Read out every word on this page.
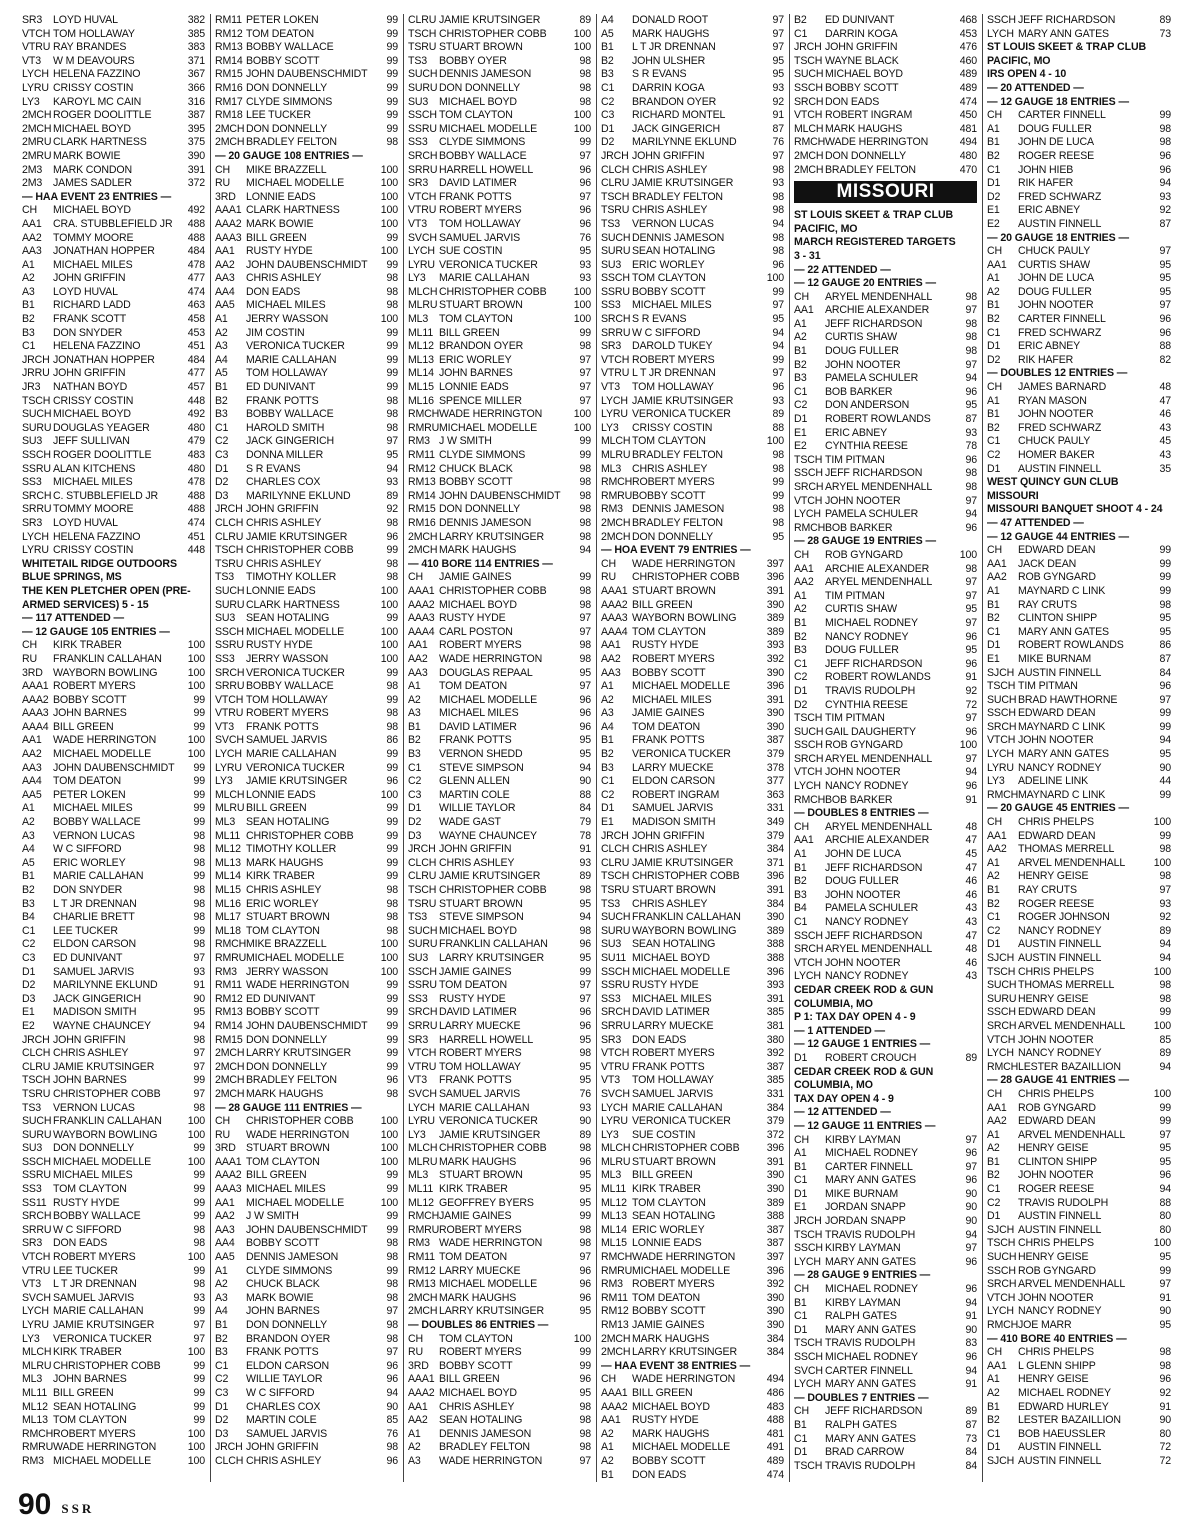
SR3	LOYD HUVAL	382
VTCH TOM HOLLAWAY	385
VTRU RAY BRANDES	383
VT3	W M DEAVOURS	371
LYCH HELENA FAZZINO	367
LYRU CRISSY COSTIN	366
LY3	KAROYL MC CAIN	316
2MCH ROGER DOOLITTLE	387
2MCH MICHAEL BOYD	395
2MRU CLARK HARTNESS	375
2MRU MARK BOWIE	390
2M3	MARK CONDON	391
2M3	JAMES SADLER	372
— HAA EVENT 23 ENTRIES —
CH	MICHAEL BOYD	492
AA1	CRA. STUBBLEFIELD JR	488
AA2	TOMMY MOORE	488
AA3	JONATHAN HOPPER	484
A1	MICHAEL MILES	478
A2	JOHN GRIFFIN	477
A3	LOYD HUVAL	474
B1	RICHARD LADD	463
B2	FRANK SCOTT	458
B3	DON SNYDER	453
C1	HELENA FAZZINO	451
JRCH JONATHAN HOPPER	484
JRRU JOHN GRIFFIN	477
JR3	NATHAN BOYD	457
TSCH CRISSY COSTIN	448
SUCH MICHAEL BOYD	492
SURU DOUGLAS YEAGER	480
SU3	JEFF SULLIVAN	479
SSCH ROGER DOOLITTLE	483
SSRU ALAN KITCHENS	480
SS3	MICHAEL MILES	478
SRCH C. STUBBLEFIELD JR	488
SRRU TOMMY MOORE	488
SR3	LOYD HUVAL	474
LYCH HELENA FAZZINO	451
LYRU CRISSY COSTIN	448
WHITETAIL RIDGE OUTDOORS
BLUE SPRINGS, MS
THE KEN PLETCHER OPEN (PRE-
ARMED SERVICES) 5 - 15
— 117 ATTENDED —
— 12 GAUGE 105 ENTRIES —
CH	KIRK TRABER	100
RU	FRANKLIN CALLAHAN	100
3RD WAYBORN BOWLING	100
AAA1 ROBERT MYERS	100
AAA2 BOBBY SCOTT	99
AAA3 JOHN BARNES	99
AAA4 BILL GREEN	99
AA1	WADE HERRINGTON	100
AA2	MICHAEL MODELLE	100
AA3	JOHN DAUBENSCHMIDT	99
AA4	TOM DEATON	99
AA5	PETER LOKEN	99
A1	MICHAEL MILES	99
A2	BOBBY WALLACE	99
A3	VERNON LUCAS	98
A4	W C SIFFORD	98
A5	ERIC WORLEY	98
B1	MARIE CALLAHAN	99
B2	DON SNYDER	98
B3	L T JR DRENNAN	98
B4	CHARLIE BRETT	98
C1	LEE TUCKER	99
C2	ELDON CARSON	98
C3	ED DUNIVANT	97
D1	SAMUEL JARVIS	93
D2	MARILYNNE EKLUND	91
D3	JACK GINGERICH	90
E1	MADISON SMITH	95
E2	WAYNE CHAUNCEY	94
JRCH JOHN GRIFFIN	98
CLCH CHRIS ASHLEY	97
CLRU JAMIE KRUTSINGER	97
TSCH JOHN BARNES	99
TSRU CHRISTOPHER COBB	97
TS3	VERNON LUCAS	98
SUCH FRANKLIN CALLAHAN	100
SURU WAYBORN BOWLING	100
SU3	DON DONNELLY	99
SSCH MICHAEL MODELLE	100
SSRU MICHAEL MILES	99
SS3	TOM CLAYTON	99
SS11 RUSTY HYDE	99
SRCH BOBBY WALLACE	99
SRRU W C SIFFORD	98
SR3	DON EADS	98
VTCH ROBERT MYERS	100
VTRU LEE TUCKER	99
VT3	L T JR DRENNAN	98
SVCH SAMUEL JARVIS	93
LYCH MARIE CALLAHAN	99
LYRU JAMIE KRUTSINGER	97
LY3	VERONICA TUCKER	97
MLCH KIRK TRABER	100
MLRU CHRISTOPHER COBB	99
ML3	JOHN BARNES	99
ML11 BILL GREEN	99
ML12 SEAN HOTALING	99
ML13 TOM CLAYTON	99
RMCH ROBERT MYERS	100
RMRU WADE HERRINGTON	100
RM3 MICHAEL MODELLE	100
RM11 PETER LOKEN	99
RM12 TOM DEATON	99
RM13 BOBBY WALLACE	99
RM14 BOBBY SCOTT	99
RM15 JOHN DAUBENSCHMIDT	99
RM16 DON DONNELLY	99
RM17 CLYDE SIMMONS	99
RM18 LEE TUCKER	99
2MCH DON DONNELLY	99
2MCH BRADLEY FELTON	98
— 20 GAUGE 108 ENTRIES —
CH	MIKE BRAZZELL	100
RU	MICHAEL MODELLE	100
3RD LONNIE EADS	100
AAA1 CLARK HARTNESS	100
AAA2 MARK BOWIE	100
AAA3 BILL GREEN	99
AA1	RUSTY HYDE	100
AA2	JOHN DAUBENSCHMIDT	99
AA3	CHRIS ASHLEY	98
AA4	DON EADS	98
AA5	MICHAEL MILES	98
A1	JERRY WASSON	100
A2	JIM COSTIN	99
A3	VERONICA TUCKER	99
A4	MARIE CALLAHAN	99
A5	TOM HOLLAWAY	99
B1	ED DUNIVANT	99
B2	FRANK POTTS	98
B3	BOBBY WALLACE	98
C1	HAROLD SMITH	98
C2	JACK GINGERICH	97
C3	DONNA MILLER	95
D1	S R EVANS	94
D2	CHARLES COX	93
D3	MARILYNNE EKLUND	89
JRCH JOHN GRIFFIN	92
CLCH CHRIS ASHLEY	98
CLRU JAMIE KRUTSINGER	96
TSCH CHRISTOPHER COBB	99
TSRU CHRIS ASHLEY	98
TS3	TIMOTHY KOLLER	98
SUCH LONNIE EADS	100
SURU CLARK HARTNESS	100
SU3	SEAN HOTALING	99
SSCH MICHAEL MODELLE	100
SSRU RUSTY HYDE	100
SS3	JERRY WASSON	100
SRCH VERONICA TUCKER	99
SRRU BOBBY WALLACE	98
VTCH TOM HOLLAWAY	99
VTRU ROBERT MYERS	98
VT3	FRANK POTTS	98
SVCH SAMUEL JARVIS	86
LYCH MARIE CALLAHAN	99
LYRU VERONICA TUCKER	99
LY3	JAMIE KRUTSINGER	96
MLCH LONNIE EADS	100
MLRU BILL GREEN	99
ML3	SEAN HOTALING	99
ML11 CHRISTOPHER COBB	99
ML12 TIMOTHY KOLLER	99
ML13 MARK HAUGHS	99
ML14 KIRK TRABER	99
ML15 CHRIS ASHLEY	98
ML16 ERIC WORLEY	98
ML17 STUART BROWN	98
ML18 TOM CLAYTON	98
RMCH MIKE BRAZZELL	100
RMRU MICHAEL MODELLE	100
RM3 JERRY WASSON	100
RM11 WADE HERRINGTON	99
RM12 ED DUNIVANT	99
RM13 BOBBY SCOTT	99
RM14 JOHN DAUBENSCHMIDT	99
RM15 DON DONNELLY	99
2MCH LARRY KRUTSINGER	99
2MCH DON DONNELLY	99
2MCH BRADLEY FELTON	96
2MCH MARK HAUGHS	98
— 28 GAUGE 111 ENTRIES —
CH	CHRISTOPHER COBB	100
RU	WADE HERRINGTON	100
3RD STUART BROWN	100
AAA1 TOM CLAYTON	100
AAA2 BILL GREEN	99
AAA3 MICHAEL MILES	99
AA1	MICHAEL MODELLE	100
AA2	J W SMITH	99
AA3	JOHN DAUBENSCHMIDT	99
AA4	BOBBY SCOTT	98
AA5	DENNIS JAMESON	98
A1	CLYDE SIMMONS	99
A2	CHUCK BLACK	98
A3	MARK BOWIE	98
A4	JOHN BARNES	97
B1	DON DONNELLY	98
B2	BRANDON OYER	98
B3	FRANK POTTS	97
C1	ELDON CARSON	96
C2	WILLIE TAYLOR	96
C3	W C SIFFORD	94
D1	CHARLES COX	90
D2	MARTIN COLE	85
D3	SAMUEL JARVIS	76
JRCH JOHN GRIFFIN	98
CLCH CHRIS ASHLEY	96
CLRU JAMIE KRUTSINGER	89
TSCH CHRISTOPHER COBB	100
TSRU STUART BROWN	100
TS3	BOBBY OYER	98
SUCH DENNIS JAMESON	98
SURU DON DONNELLY	98
SU3	MICHAEL BOYD	98
SSCH TOM CLAYTON	100
SSRU MICHAEL MODELLE	100
SS3	CLYDE SIMMONS	99
SRCH BOBBY WALLACE	97
SRRU HARRELL HOWELL	96
SR3	DAVID LATIMER	96
VTCH FRANK POTTS	97
VTRU ROBERT MYERS	96
VT3	TOM HOLLAWAY	96
SVCH SAMUEL JARVIS	76
LYCH SUE COSTIN	95
LYRU VERONICA TUCKER	93
LY3	MARIE CALLAHAN	93
MLCH CHRISTOPHER COBB	100
MLRU STUART BROWN	100
ML3	TOM CLAYTON	100
ML11 BILL GREEN	99
ML12 BRANDON OYER	98
ML13 ERIC WORLEY	97
ML14 JOHN BARNES	97
ML15 LONNIE EADS	97
ML16 SPENCE MILLER	97
RMCH WADE HERRINGTON	100
RMRU MICHAEL MODELLE	100
RM3 J W SMITH	99
RM11 CLYDE SIMMONS	99
RM12 CHUCK BLACK	98
RM13 BOBBY SCOTT	98
RM14 JOHN DAUBENSCHMIDT	98
RM15 DON DONNELLY	98
RM16 DENNIS JAMESON	98
2MCH LARRY KRUTSINGER	98
2MCH MARK HAUGHS	94
— 410 BORE 114 ENTRIES —
CH	JAMIE GAINES	99
AAA1 CHRISTOPHER COBB	98
AAA2 MICHAEL BOYD	98
AAA3 RUSTY HYDE	97
AAA4 CARL POSTON	97
AA1	ROBERT MYERS	98
AA2	WADE HERRINGTON	98
AA3	DOUGLAS REPAAL	95
A1	TOM DEATON	97
A2	MICHAEL MODELLE	96
A3	MICHAEL MILES	96
B1	DAVID LATIMER	96
B2	FRANK POTTS	95
B3	VERNON SHEDD	95
C1	STEVE SIMPSON	94
C2	GLENN ALLEN	90
C3	MARTIN COLE	88
D1	WILLIE TAYLOR	84
D2	WADE GAST	79
D3	WAYNE CHAUNCEY	78
JRCH JOHN GRIFFIN	91
CLCH CHRIS ASHLEY	93
CLRU JAMIE KRUTSINGER	89
TSCH CHRISTOPHER COBB	98
TSRU STUART BROWN	95
TS3	STEVE SIMPSON	94
SUCH MICHAEL BOYD	98
SURU FRANKLIN CALLAHAN	96
SU3	LARRY KRUTSINGER	95
SSCH JAMIE GAINES	99
SSRU TOM DEATON	97
SS3	RUSTY HYDE	97
SRCH DAVID LATIMER	96
SRRU LARRY MUECKE	96
SR3	HARRELL HOWELL	95
VTCH ROBERT MYERS	98
VTRU TOM HOLLAWAY	95
VT3	FRANK POTTS	95
SVCH SAMUEL JARVIS	76
LYCH MARIE CALLAHAN	93
LYRU VERONICA TUCKER	90
LY3	JAMIE KRUTSINGER	89
MLCH CHRISTOPHER COBB	98
MLRU MARK HAUGHS	96
ML3	STUART BROWN	95
ML11 KIRK TRABER	95
ML12 GEOFFREY BYERS	95
RMCH JAMIE GAINES	99
RMRU ROBERT MYERS	98
RM3 WADE HERRINGTON	98
RM11 TOM DEATON	97
RM12 LARRY MUECKE	96
RM13 MICHAEL MODELLE	96
2MCH MARK HAUGHS	96
2MCH LARRY KRUTSINGER	95
— DOUBLES 86 ENTRIES —
CH	TOM CLAYTON	100
RU	ROBERT MYERS	99
3RD BOBBY SCOTT	99
AAA1 BILL GREEN	96
AAA2 MICHAEL BOYD	95
AA1	CHRIS ASHLEY	98
AA2	SEAN HOTALING	98
A1	DENNIS JAMESON	98
A2	BRADLEY FELTON	98
A3	WADE HERRINGTON	97
A4	DONALD ROOT	97
A5	MARK HAUGHS	97
B1	L T JR DRENNAN	97
B2	JOHN ULSHER	95
B3	S R EVANS	95
C1	DARRIN KOGA	93
C2	BRANDON OYER	92
C3	RICHARD MONTEL	91
D1	JACK GINGERICH	87
D2	MARILYNNE EKLUND	76
JRCH JOHN GRIFFIN	97
CLCH CHRIS ASHLEY	98
CLRU JAMIE KRUTSINGER	93
TSCH BRADLEY FELTON	98
TSRU CHRIS ASHLEY	98
TS3	VERNON LUCAS	94
SUCH DENNIS JAMESON	98
SURU SEAN HOTALING	98
SU3	ERIC WORLEY	96
SSCH TOM CLAYTON	100
SSRU BOBBY SCOTT	99
SS3	MICHAEL MILES	97
SRCH S R EVANS	95
SRRU W C SIFFORD	94
SR3	DAROLD TUKEY	94
VTCH ROBERT MYERS	99
VTRU L T JR DRENNAN	97
VT3	TOM HOLLAWAY	96
LYCH JAMIE KRUTSINGER	93
LYRU VERONICA TUCKER	89
LY3	CRISSY COSTIN	88
MLCH TOM CLAYTON	100
MLRU BRADLEY FELTON	98
ML3	CHRIS ASHLEY	98
RMCH ROBERT MYERS	99
RMRU BOBBY SCOTT	99
RM3 DENNIS JAMESON	98
2MCH BRADLEY FELTON	98
2MCH DON DONNELLY	95
— HOA EVENT 79 ENTRIES —
CH	WADE HERRINGTON	397
RU	CHRISTOPHER COBB	396
AAA1 STUART BROWN	391
AAA2 BILL GREEN	390
AAA3 WAYBORN BOWLING	389
AAA4 TOM CLAYTON	389
AA1	RUSTY HYDE	393
AA2	ROBERT MYERS	392
AA3	BOBBY SCOTT	390
A1	MICHAEL MODELLE	396
A2	MICHAEL MILES	391
A3	JAMIE GAINES	390
A4	TOM DEATON	390
B1	FRANK POTTS	387
B2	VERONICA TUCKER	379
B3	LARRY MUECKE	378
C1	ELDON CARSON	377
C2	ROBERT INGRAM	363
D1	SAMUEL JARVIS	331
E1	MADISON SMITH	349
JRCH JOHN GRIFFIN	379
CLCH CHRIS ASHLEY	384
CLRU JAMIE KRUTSINGER	371
TSCH CHRISTOPHER COBB	396
TSRU STUART BROWN	391
TS3	CHRIS ASHLEY	384
SUCH FRANKLIN CALLAHAN	390
SURU WAYBORN BOWLING	389
SU3	SEAN HOTALING	388
SU11 MICHAEL BOYD	388
SSCH MICHAEL MODELLE	396
SSRU RUSTY HYDE	393
SS3	MICHAEL MILES	391
SRCH DAVID LATIMER	385
SRRU LARRY MUECKE	381
SR3	DON EADS	380
VTCH ROBERT MYERS	392
VTRU FRANK POTTS	387
VT3	TOM HOLLAWAY	385
SVCH SAMUEL JARVIS	331
LYCH MARIE CALLAHAN	384
LYRU VERONICA TUCKER	379
LY3	SUE COSTIN	372
MLCH CHRISTOPHER COBB	396
MLRU STUART BROWN	391
ML3	BILL GREEN	390
ML11 KIRK TRABER	390
ML12 TOM CLAYTON	389
ML13 SEAN HOTALING	388
ML14 ERIC WORLEY	387
ML15 LONNIE EADS	387
RMCH WADE HERRINGTON	397
RMRU MICHAEL MODELLE	396
RM3 ROBERT MYERS	392
RM11 TOM DEATON	390
RM12 BOBBY SCOTT	390
RM13 JAMIE GAINES	390
2MCH MARK HAUGHS	384
2MCH LARRY KRUTSINGER	384
— HAA EVENT 38 ENTRIES —
CH	WADE HERRINGTON	494
AAA1 BILL GREEN	486
AAA2 MICHAEL BOYD	483
AA1	RUSTY HYDE	488
A2	MARK HAUGHS	481
A1	MICHAEL MODELLE	491
A2	BOBBY SCOTT	489
B1	DON EADS	474
B2	ED DUNIVANT	468
C1	DARRIN KOGA	453
JRCH JOHN GRIFFIN	476
TSCH WAYNE BLACK	460
SUCH MICHAEL BOYD	489
SSCH BOBBY SCOTT	489
SRCH DON EADS	474
VTCH ROBERT INGRAM	450
MLCH MARK HAUGHS	481
RMCH WADE HERRINGTON	494
2MCH DON DONNELLY	480
2MCH BRADLEY FELTON	470
MISSOURI
ST LOUIS SKEET & TRAP CLUB
PACIFIC, MO
MARCH REGISTERED TARGETS
3 - 31
— 22 ATTENDED —
— 12 GAUGE 20 ENTRIES —
CH	ARYEL MENDENHALL	98
AA1	ARCHIE ALEXANDER	97
A1	JEFF RICHARDSON	98
A2	CURTIS SHAW	98
B1	DOUG FULLER	98
B2	JOHN NOOTER	97
B3	PAMELA SCHULER	94
C1	BOB BARKER	96
C2	DON ANDERSON	95
D1	ROBERT ROWLANDS	87
E1	ERIC ABNEY	93
E2	CYNTHIA REESE	78
TSCH TIM PITMAN	96
SSCH JEFF RICHARDSON	98
SRCH ARYEL MENDENHALL	98
VTCH JOHN NOOTER	97
LYCH PAMELA SCHULER	94
RMCH BOB BARKER	96
— 28 GAUGE 19 ENTRIES —
CH	ROB GYNGARD	100
AA1	ARCHIE ALEXANDER	98
AA2	ARYEL MENDENHALL	97
A1	TIM PITMAN	97
A2	CURTIS SHAW	95
B1	MICHAEL RODNEY	97
B2	NANCY RODNEY	96
B3	DOUG FULLER	95
C1	JEFF RICHARDSON	96
C2	ROBERT ROWLANDS	91
D1	TRAVIS RUDOLPH	92
D2	CYNTHIA REESE	72
TSCH TIM PITMAN	97
SUCH GAIL DAUGHERTY	96
SSCH ROB GYNGARD	100
SRCH ARYEL MENDENHALL	97
VTCH JOHN NOOTER	94
LYCH NANCY RODNEY	96
RMCH BOB BARKER	91
— DOUBLES 8 ENTRIES —
CH	ARYEL MENDENHALL	48
AA1	ARCHIE ALEXANDER	47
A1	JOHN DE LUCA	45
B1	JEFF RICHARDSON	47
B2	DOUG FULLER	46
B3	JOHN NOOTER	46
B4	PAMELA SCHULER	43
C1	NANCY RODNEY	43
SSCH JEFF RICHARDSON	47
SRCH ARYEL MENDENHALL	48
VTCH JOHN NOOTER	46
LYCH NANCY RODNEY	43
CEDAR CREEK ROD & GUN
COLUMBIA, MO
P 1: TAX DAY OPEN 4 - 9
— 1 ATTENDED —
— 12 GAUGE 1 ENTRIES —
D1	ROBERT CROUCH	89
CEDAR CREEK ROD & GUN
COLUMBIA, MO
TAX DAY OPEN 4 - 9
— 12 ATTENDED —
— 12 GAUGE 11 ENTRIES —
CH	KIRBY LAYMAN	97
A1	MICHAEL RODNEY	96
B1	CARTER FINNELL	97
C1	MARY ANN GATES	96
D1	MIKE BURNAM	90
E1	JORDAN SNAPP	90
JRCH JORDAN SNAPP	90
TSCH TRAVIS RUDOLPH	94
SSCH KIRBY LAYMAN	97
LYCH MARY ANN GATES	96
— 28 GAUGE 9 ENTRIES —
CH	MICHAEL RODNEY	96
B1	KIRBY LAYMAN	94
C1	RALPH GATES	91
D1	MARY ANN GATES	90
TSCH TRAVIS RUDOLPH	83
SSCH MICHAEL RODNEY	96
SVCH CARTER FINNELL	94
LYCH MARY ANN GATES	91
— DOUBLES 7 ENTRIES —
CH	JEFF RICHARDSON	89
B1	RALPH GATES	87
C1	MARY ANN GATES	73
D1	BRAD CARROW	84
TSCH TRAVIS RUDOLPH	84
SSCH JEFF RICHARDSON	89
LYCH MARY ANN GATES	73
ST LOUIS SKEET & TRAP CLUB
PACIFIC, MO
IRS OPEN 4 - 10
— 20 ATTENDED —
— 12 GAUGE 18 ENTRIES —
CH	CARTER FINNELL	99
A1	DOUG FULLER	98
B1	JOHN DE LUCA	98
B2	ROGER REESE	96
C1	JOHN HIEB	96
D1	RIK HAFER	94
D2	FRED SCHWARZ	93
E1	ERIC ABNEY	92
E2	AUSTIN FINNELL	87
— 20 GAUGE 18 ENTRIES —
CH	CHUCK PAULY	97
AA1	CURTIS SHAW	95
A1	JOHN DE LUCA	95
A2	DOUG FULLER	95
B1	JOHN NOOTER	97
B2	CARTER FINNELL	96
C1	FRED SCHWARZ	96
D1	ERIC ABNEY	88
D2	RIK HAFER	82
— DOUBLES 12 ENTRIES —
CH	JAMES BARNARD	48
A1	RYAN MASON	47
B1	JOHN NOOTER	46
B2	FRED SCHWARZ	43
C1	CHUCK PAULY	45
C2	HOMER BAKER	43
D1	AUSTIN FINNELL	35
WEST QUINCY GUN CLUB
MISSOURI
MISSOURI BANQUET SHOOT 4 - 24
— 47 ATTENDED —
— 12 GAUGE 44 ENTRIES —
CH	EDWARD DEAN	99
AA1	JACK DEAN	99
AA2	ROB GYNGARD	99
A1	MAYNARD C LINK	99
B1	RAY CRUTS	98
B2	CLINTON SHIPP	95
C1	MARY ANN GATES	95
D1	ROBERT ROWLANDS	86
E1	MIKE BURNAM	87
SJCH AUSTIN FINNELL	84
TSCH TIM PITMAN	96
SUCH BRAD HAWTHORNE	97
SSCH EDWARD DEAN	99
SRCH MAYNARD C LINK	99
VTCH JOHN NOOTER	94
LYCH MARY ANN GATES	95
LYRU NANCY RODNEY	90
LY3	ADELINE LINK	44
RMCH MAYNARD C LINK	99
— 20 GAUGE 45 ENTRIES —
CH	CHRIS PHELPS	100
AA1	EDWARD DEAN	99
AA2	THOMAS MERRELL	98
A1	ARVEL MENDENHALL	100
A2	HENRY GEISE	98
B1	RAY CRUTS	97
B2	ROGER REESE	93
C1	ROGER JOHNSON	92
C2	NANCY RODNEY	89
D1	AUSTIN FINNELL	94
SJCH AUSTIN FINNELL	94
TSCH CHRIS PHELPS	100
SUCH THOMAS MERRELL	98
SURU HENRY GEISE	98
SSCH EDWARD DEAN	99
SRCH ARVEL MENDENHALL	100
VTCH JOHN NOOTER	85
LYCH NANCY RODNEY	89
RMCH LESTER BAZAILLION	94
— 28 GAUGE 41 ENTRIES —
CH	CHRIS PHELPS	100
AA1	ROB GYNGARD	99
AA2	EDWARD DEAN	99
A1	ARVEL MENDENHALL	97
A2	HENRY GEISE	95
B1	CLINTON SHIPP	95
B2	JOHN NOOTER	96
C1	ROGER REESE	94
C2	TRAVIS RUDOLPH	88
D1	AUSTIN FINNELL	80
SJCH AUSTIN FINNELL	80
TSCH CHRIS PHELPS	100
SUCH HENRY GEISE	95
SSCH ROB GYNGARD	99
SRCH ARVEL MENDENHALL	97
VTCH JOHN NOOTER	91
LYCH NANCY RODNEY	90
RMCH JOE MARR	95
— 410 BORE 40 ENTRIES —
CH	CHRIS PHELPS	98
AA1	L GLENN SHIPP	98
A1	HENRY GEISE	96
A2	MICHAEL RODNEY	92
B1	EDWARD HURLEY	91
B2	LESTER BAZAILLION	90
C1	BOB HAEUSSLER	80
D1	AUSTIN FINNELL	72
SJCH AUSTIN FINNELL	72
90 SSR
